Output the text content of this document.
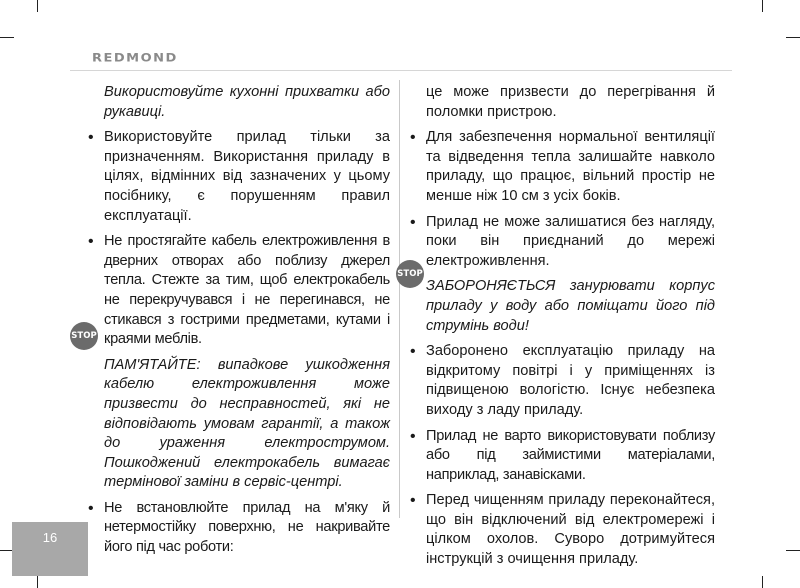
REDMOND
Використовуйте кухонні прихватки або рукавиці.
• Використовуйте прилад тільки за призначенням. Використання приладу в цілях, відмінних від зазначених у цьому посібнику, є порушенням правил експлуатації.
• Не простягайте кабель електроживлення в дверних отворах або поблизу джерел тепла. Стежте за тим, щоб електрокабель не перекручувався і не перегинався, не стикався з гострими предметами, кутами і краями меблів.
ПАМ'ЯТАЙТЕ: випадкове ушкодження кабелю електроживлення може призвести до несправностей, які не відповідають умовам гарантії, а також до ураження електрострумом. Пошкоджений електрокабель вимагає термінової заміни в сервіс-центрі.
• Не встановлюйте прилад на м'яку й нетермостійку поверхню, не накривайте його під час роботи:
STOP
це може призвести до перегрівання й поломки пристрою.
• Для забезпечення нормальної вентиляції та відведення тепла залишайте навколо приладу, що працює, вільний простір не менше ніж 10 см з усіх боків.
• Прилад не може залишатися без нагляду, поки він приєднаний до мережі електроживлення.
ЗАБОРОНЯЄТЬСЯ занурювати корпус приладу у воду або поміщати його під струмінь води!
• Заборонено експлуатацію приладу на відкритому повітрі і у приміщеннях із підвищеною вологістю. Існує небезпека виходу з ладу приладу.
• Прилад не варто використовувати поблизу або під займистими матеріалами, наприклад, занавісками.
• Перед чищенням приладу переконайтеся, що він відключений від електромережі і цілком охолов. Суворо дотримуйтеся інструкцій з очищення приладу.
STOP
16
